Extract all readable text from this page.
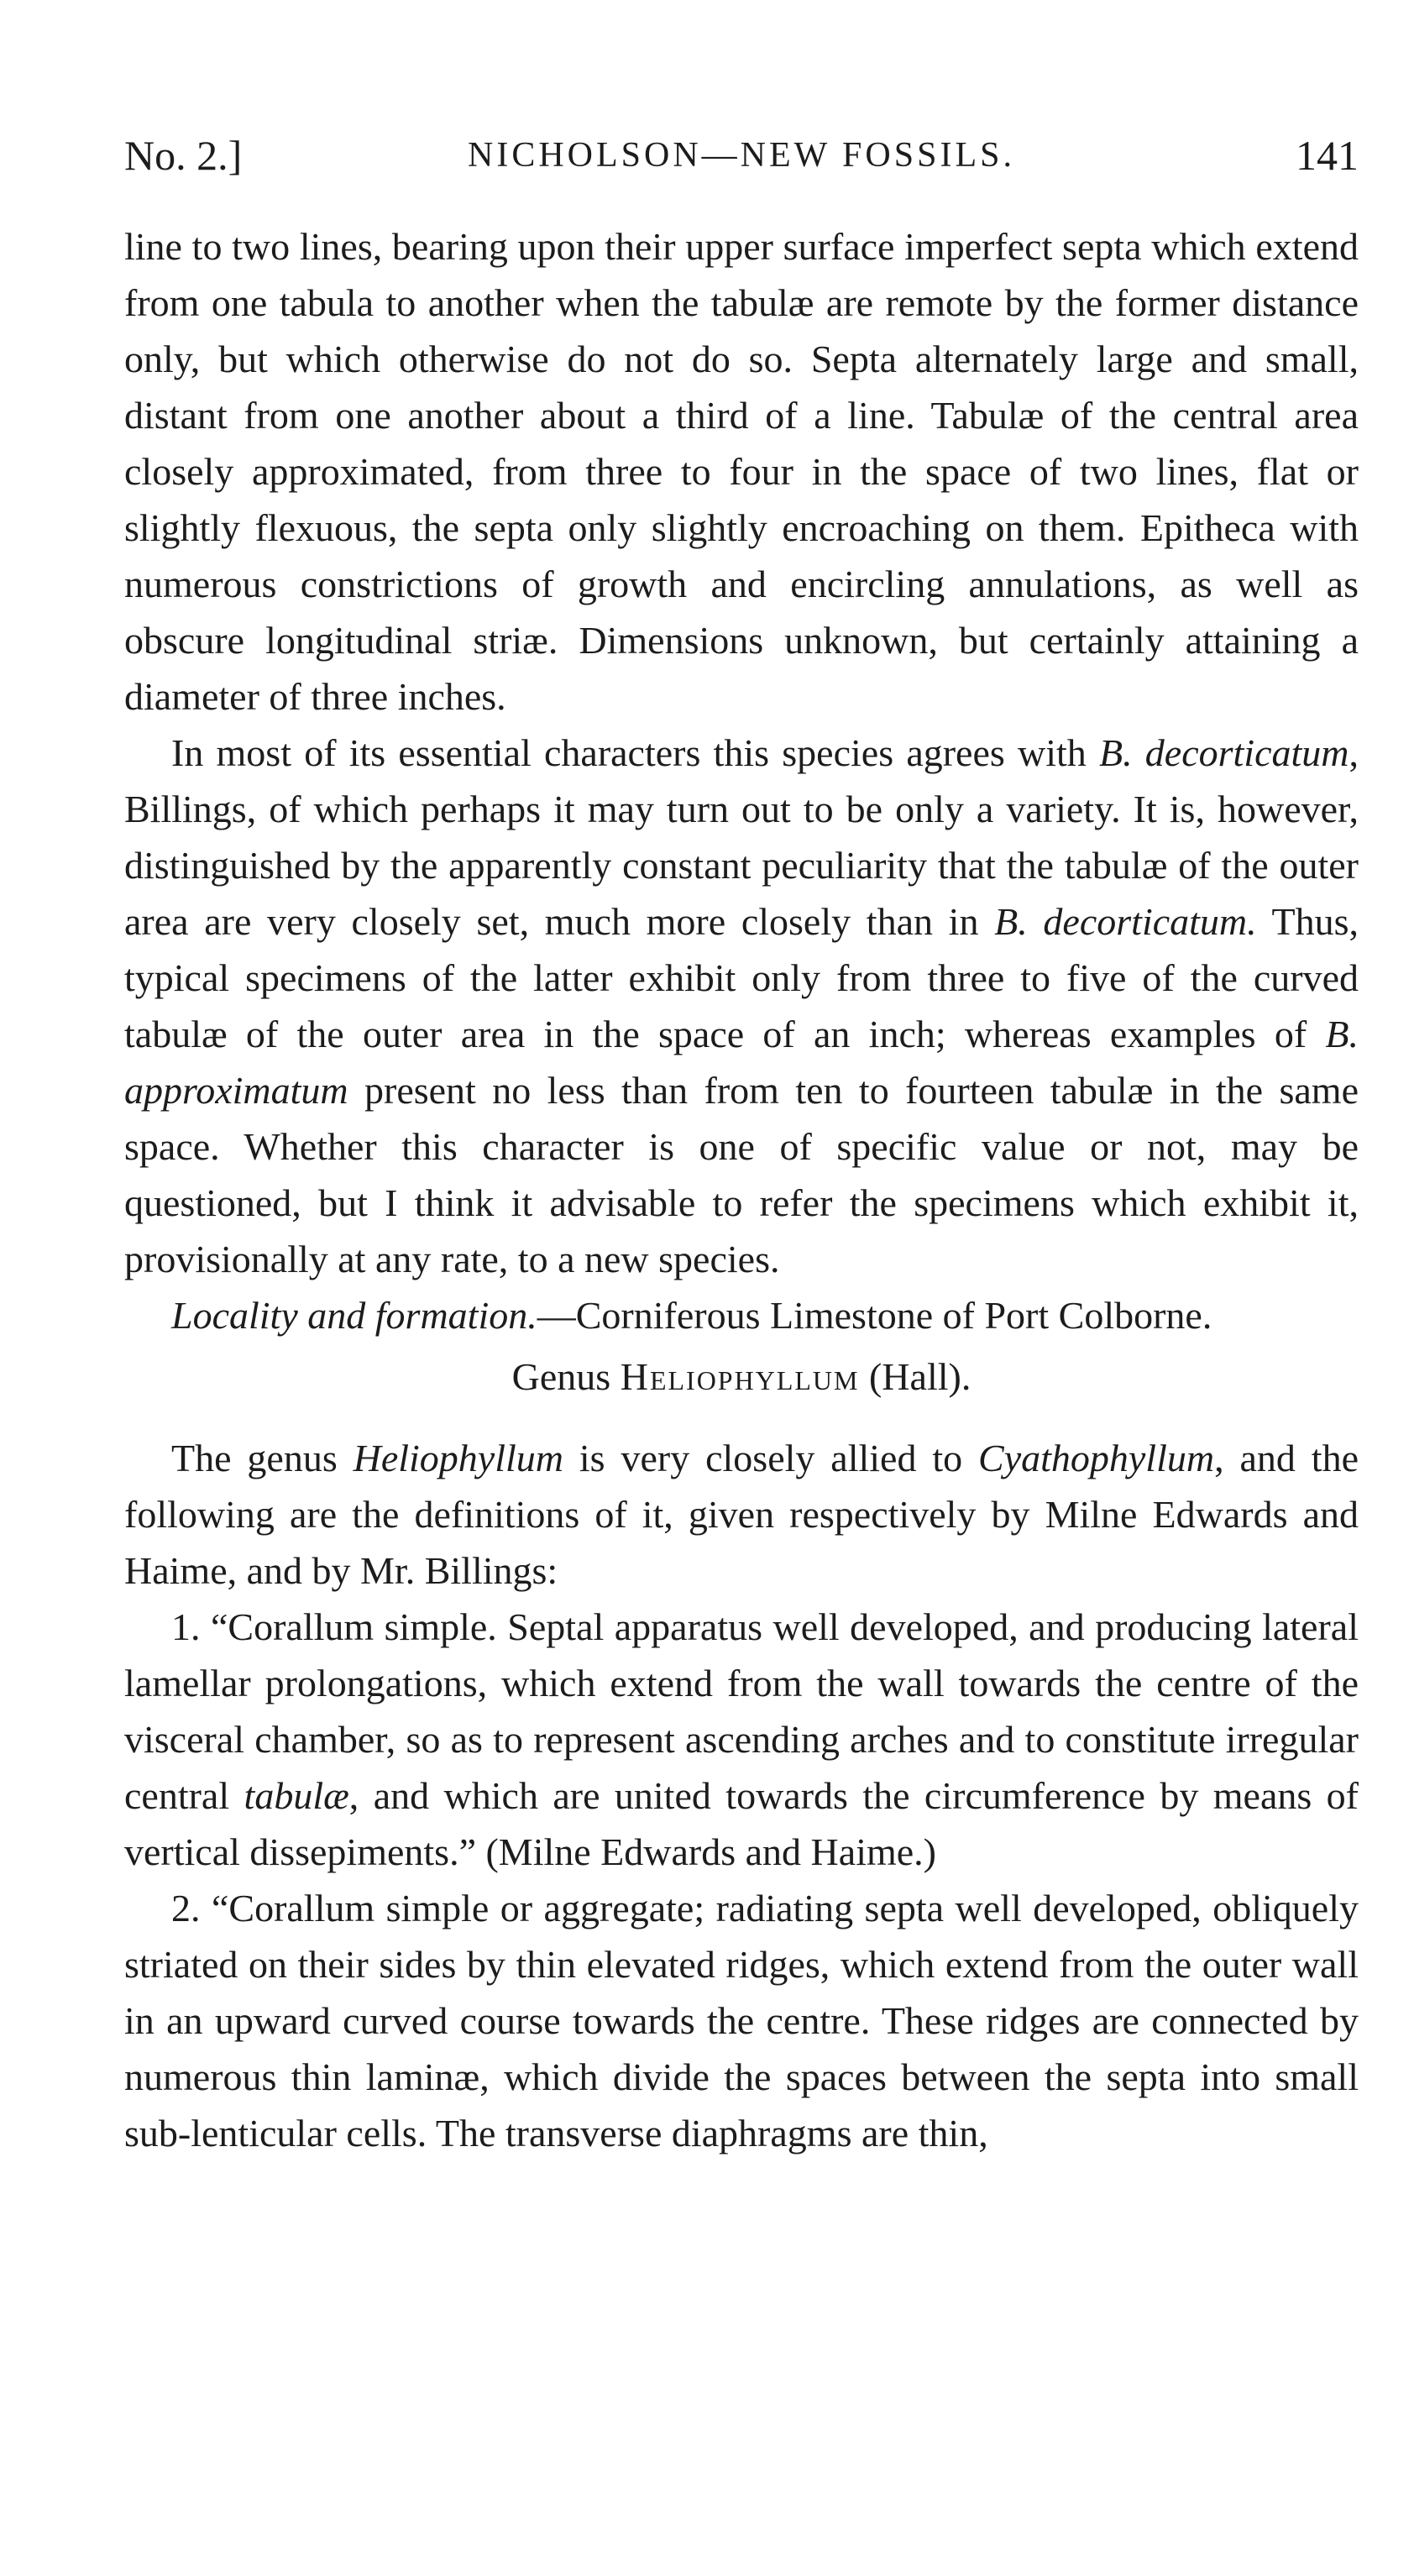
No. 2.]	NICHOLSON—NEW FOSSILS.	141

line to two lines, bearing upon their upper surface imperfect septa which extend from one tabula to another when the tabulæ are remote by the former distance only, but which otherwise do not do so. Septa alternately large and small, distant from one another about a third of a line. Tabulæ of the central area closely approximated, from three to four in the space of two lines, flat or slightly flexuous, the septa only slightly encroaching on them. Epitheca with numerous constrictions of growth and encircling annulations, as well as obscure longitudinal striæ. Dimensions unknown, but certainly attaining a diameter of three inches.

In most of its essential characters this species agrees with B. decorticatum, Billings, of which perhaps it may turn out to be only a variety. It is, however, distinguished by the apparently constant peculiarity that the tabulæ of the outer area are very closely set, much more closely than in B. decorticatum. Thus, typical specimens of the latter exhibit only from three to five of the curved tabulæ of the outer area in the space of an inch; whereas examples of B. approximatum present no less than from ten to fourteen tabulæ in the same space. Whether this character is one of specific value or not, may be questioned, but I think it advisable to refer the specimens which exhibit it, provisionally at any rate, to a new species.

Locality and formation.—Corniferous Limestone of Port Colborne.

Genus Heliophyllum (Hall).

The genus Heliophyllum is very closely allied to Cyathophyllum, and the following are the definitions of it, given respectively by Milne Edwards and Haime, and by Mr. Billings:

1. “Corallum simple. Septal apparatus well developed, and producing lateral lamellar prolongations, which extend from the wall towards the centre of the visceral chamber, so as to represent ascending arches and to constitute irregular central tabulæ, and which are united towards the circumference by means of vertical dissepiments.” (Milne Edwards and Haime.)

2. “Corallum simple or aggregate; radiating septa well developed, obliquely striated on their sides by thin elevated ridges, which extend from the outer wall in an upward curved course towards the centre. These ridges are connected by numerous thin laminæ, which divide the spaces between the septa into small sub-lenticular cells. The transverse diaphragms are thin,
